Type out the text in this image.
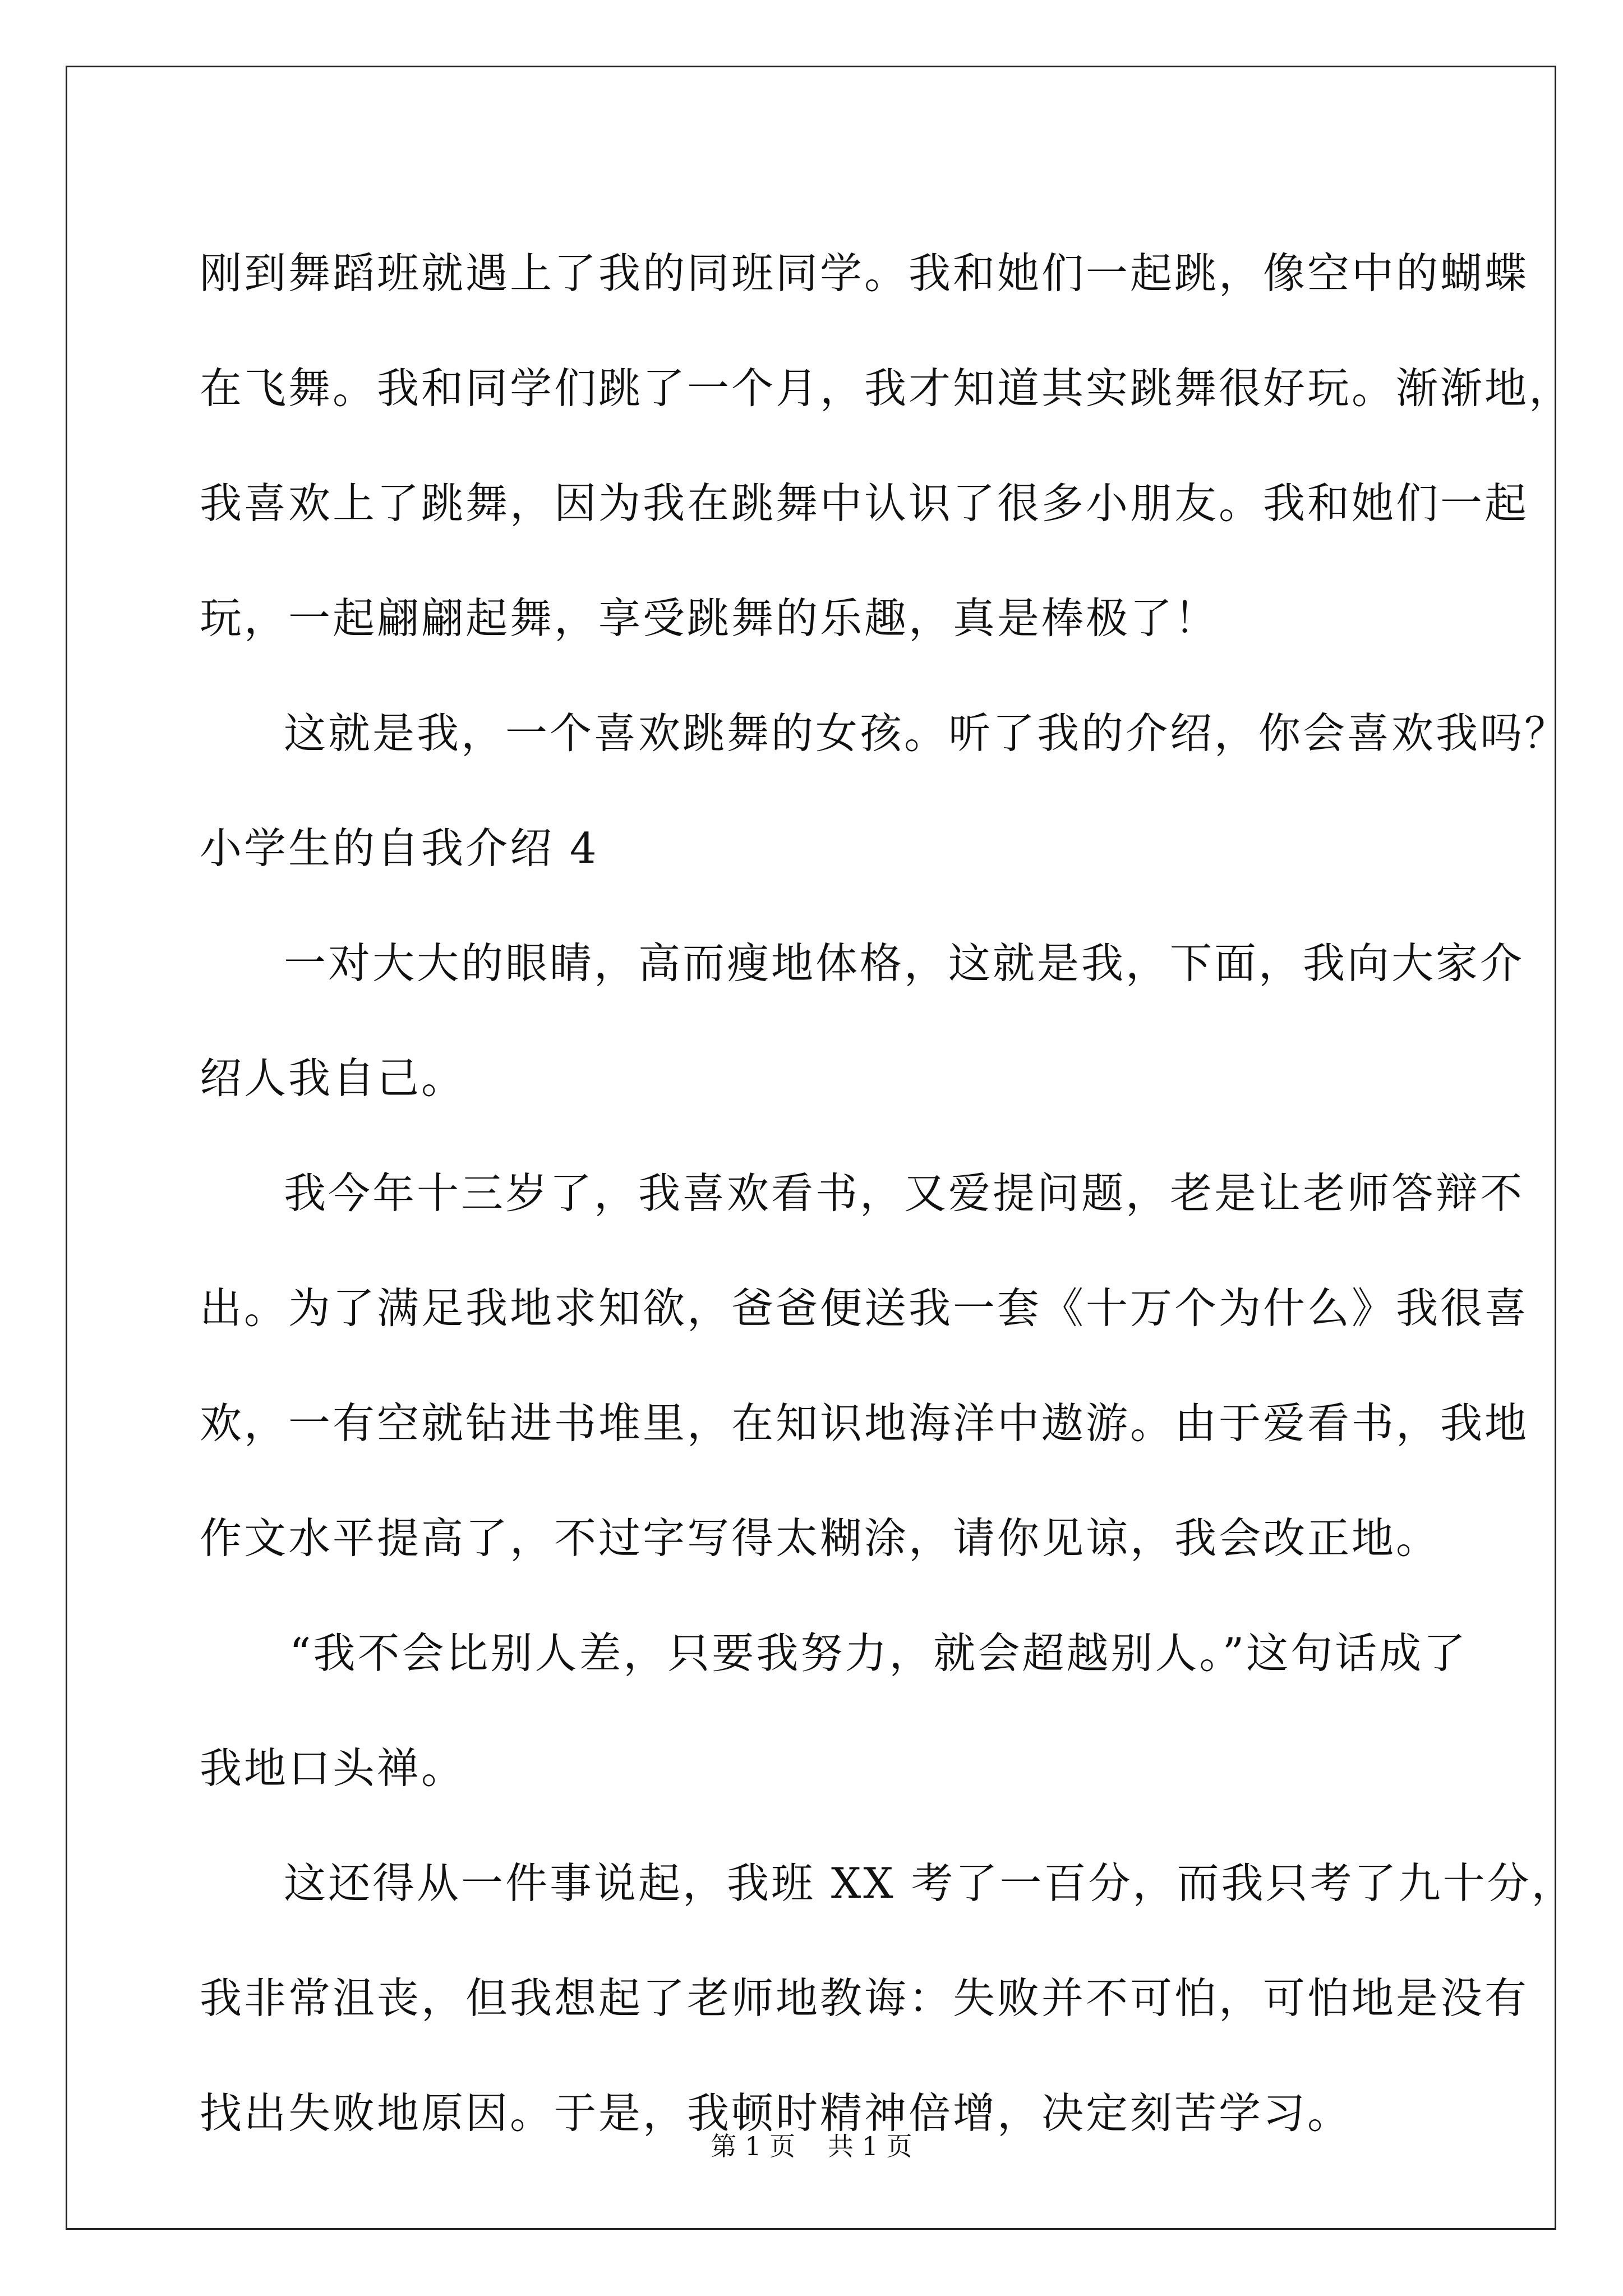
刚到舞蹈班就遇上了我的同班同学。我和她们一起跳，像空中的蝴蝶
在飞舞。我和同学们跳了一个月，我才知道其实跳舞很好玩。渐渐地，
我喜欢上了跳舞，因为我在跳舞中认识了很多小朋友。我和她们一起
玩，一起翩翩起舞，享受跳舞的乐趣，真是棒极了！
这就是我，一个喜欢跳舞的女孩。听了我的介绍，你会喜欢我吗？
小学生的自我介绍 4
一对大大的眼睛，高而瘦地体格，这就是我，下面，我向大家介
绍人我自己。
我今年十三岁了，我喜欢看书，又爱提问题，老是让老师答辩不
出。为了满足我地求知欲，爸爸便送我一套《十万个为什么》我很喜
欢，一有空就钻进书堆里，在知识地海洋中遨游。由于爱看书，我地
作文水平提高了，不过字写得太糊涂，请你见谅，我会改正地。
“我不会比别人差，只要我努力，就会超越别人。”这句话成了
我地口头禅。
这还得从一件事说起，我班 XX 考了一百分，而我只考了九十分，
我非常沮丧，但我想起了老师地教诲：失败并不可怕，可怕地是没有
找出失败地原因。于是，我顿时精神倍增，决定刻苦学习。
第 1 页 共 1 页
